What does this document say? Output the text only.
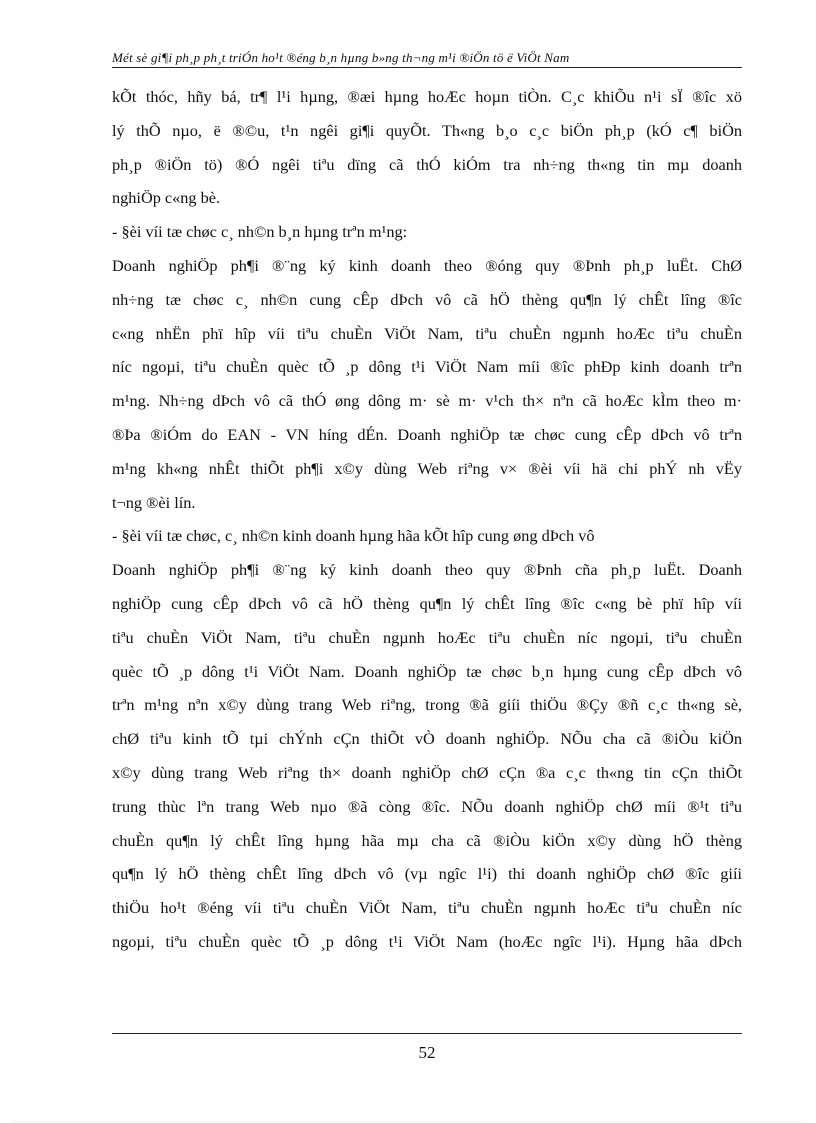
Mét sè gi¶i ph¸p ph¸t triÓn ho¹t ®éng b¸n hµng b»ng th¬ng m¹i ®iÖn tö ë ViÖt Nam
kÕt thóc, hñy bá, tr¶ l¹i hµng, ®æi hµng hoÆc hoµn tiÒn. C¸c khiÕu n¹i sÏ ®îc xö
lý thÕ nµo, ë ®©u, t¹n ngêi gi¶i quyÕt. Th«ng b¸o c¸c biÖn ph¸p (kÓ c¶ biÖn
ph¸p ®iÖn tö) ®Ó ngêi tiªu dïng cã thÓ kiÓm tra nh÷ng th«ng tin mµ doanh
nghiÖp c«ng bè.
- §èi víi tæ chøc c¸ nh©n b¸n hµng trªn m¹ng:
Doanh nghiÖp ph¶i ®¨ng ký kinh doanh theo ®óng quy ®Þnh ph¸p luËt. ChØ
nh÷ng tæ chøc c¸ nh©n cung cÊp dÞch vô cã hÖ thèng qu¶n lý chÊt lîng ®îc
c«ng nhËn phï hîp víi tiªu chuÈn ViÖt Nam, tiªu chuÈn ngµnh hoÆc tiªu chuÈn
níc ngoµi, tiªu chuÈn quèc tÕ ¸p dông t¹i ViÖt Nam míi ®îc phÐp kinh doanh trªn
m¹ng. Nh÷ng dÞch vô cã thÓ øng dông m· sè m· v¹ch th× nªn cã hoÆc kÌm theo m·
®Þa ®iÓm do EAN - VN híng dÉn. Doanh nghiÖp tæ chøc cung cÊp dÞch vô trªn
m¹ng kh«ng nhÊt thiÕt ph¶i x©y dùng Web riªng v× ®èi víi hä chi phÝ nh vËy
t¬ng ®èi lín.
- §èi víi tæ chøc, c¸ nh©n kinh doanh hµng hãa kÕt hîp cung øng dÞch vô
Doanh nghiÖp ph¶i ®¨ng ký kinh doanh theo quy ®Þnh cña ph¸p luËt. Doanh
nghiÖp cung cÊp dÞch vô cã hÖ thèng qu¶n lý chÊt lîng ®îc c«ng bè phï hîp víi
tiªu chuÈn ViÖt Nam, tiªu chuÈn ngµnh hoÆc tiªu chuÈn níc ngoµi, tiªu chuÈn
quèc tÕ ¸p dông t¹i ViÖt Nam. Doanh nghiÖp tæ chøc b¸n hµng cung cÊp dÞch vô
trªn m¹ng nªn x©y dùng trang Web riªng, trong ®ã giíi thiÖu ®Çy ®ñ c¸c th«ng sè,
chØ tiªu kinh tÕ tµi chÝnh cÇn thiÕt vÒ doanh nghiÖp. NÕu cha cã ®iÒu kiÖn
x©y dùng trang Web riªng th× doanh nghiÖp chØ cÇn ®a c¸c th«ng tin cÇn thiÕt
trung thùc lªn trang Web nµo ®ã còng ®îc. NÕu doanh nghiÖp chØ míi ®¹t tiªu
chuÈn qu¶n lý chÊt lîng hµng hãa mµ cha cã ®iÒu kiÖn x©y dùng hÖ thèng
qu¶n lý hÖ thèng chÊt lîng dÞch vô (vµ ngîc l¹i) thi doanh nghiÖp chØ ®îc giíi
thiÖu ho¹t ®éng víi tiªu chuÈn ViÖt Nam, tiªu chuÈn ngµnh hoÆc tiªu chuÈn níc
ngoµi, tiªu chuÈn quèc tÕ ¸p dông t¹i ViÖt Nam (hoÆc ngîc l¹i). Hµng hãa dÞch
52
